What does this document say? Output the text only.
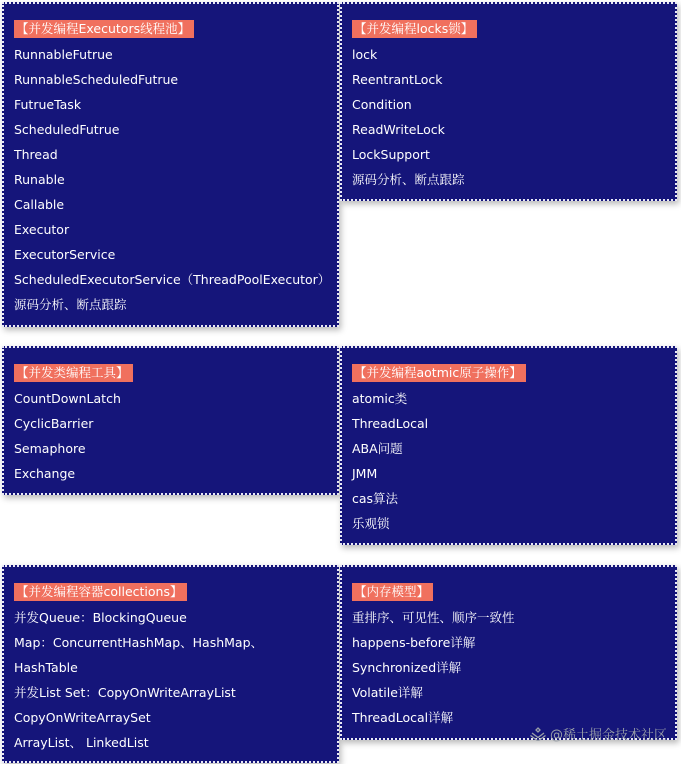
【并发编程Executors线程池】
RunnableFutrue
RunnableScheduledFutrue
FutrueTask
ScheduledFutrue
Thread
Runable
Callable
Executor
ExecutorService
ScheduledExecutorService（ThreadPoolExecutor）
源码分析、断点跟踪
【并发编程locks锁】
lock
ReentrantLock
Condition
ReadWriteLock
LockSupport
源码分析、断点跟踪
【并发类编程工具】
CountDownLatch
CyclicBarrier
Semaphore
Exchange
【并发编程aotmic原子操作】
atomic类
ThreadLocal
ABA问题
JMM
cas算法
乐观锁
【并发编程容器collections】
并发Queue：BlockingQueue
Map：ConcurrentHashMap、HashMap、
HashTable
并发List Set：CopyOnWriteArrayList
CopyOnWriteArraySet
ArrayList、 LinkedList
【内存模型】
重排序、可见性、顺序一致性
happens-before详解
Synchronized详解
Volatile详解
ThreadLocal详解
@稀土掘金技术社区
